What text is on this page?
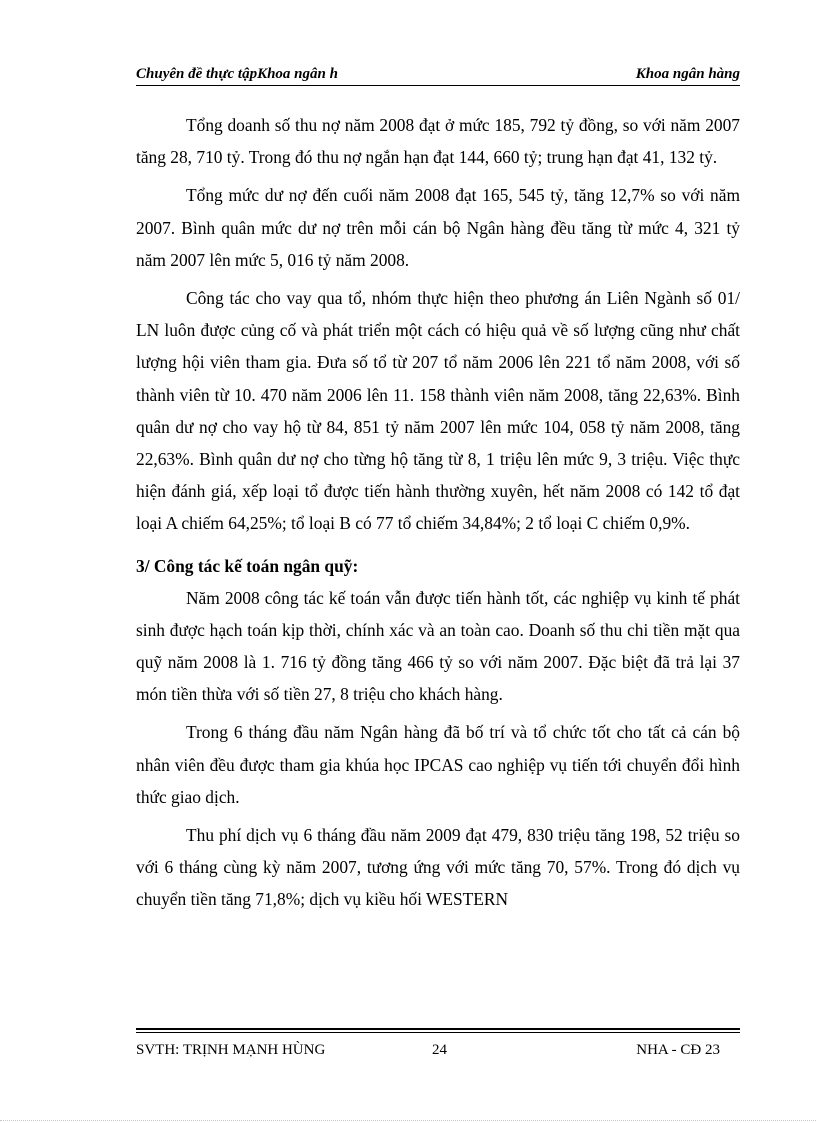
Chuyên đề thực tậpKhoa ngân h	Khoa ngân hàng

Tổng doanh số thu nợ năm 2008 đạt ở mức 185, 792 tỷ đồng, so với năm 2007 tăng 28, 710 tỷ. Trong đó thu nợ ngắn hạn đạt 144, 660 tỷ; trung hạn đạt 41, 132 tỷ.

Tổng mức dư nợ đến cuối năm 2008 đạt 165, 545 tỷ, tăng 12,7% so với năm 2007. Bình quân mức dư nợ trên mỗi cán bộ Ngân hàng đều tăng từ mức 4, 321 tỷ năm 2007 lên mức 5, 016 tỷ năm 2008.

Công tác cho vay qua tổ, nhóm thực hiện theo phương án Liên Ngành số 01/ LN luôn được củng cố và phát triển một cách có hiệu quả về số lượng cũng như chất lượng hội viên tham gia. Đưa số tổ từ 207 tổ năm 2006 lên 221 tổ năm 2008, với số thành viên từ 10. 470 năm 2006 lên 11. 158 thành viên năm 2008, tăng 22,63%. Bình quân dư nợ cho vay hộ từ 84, 851 tỷ năm 2007 lên mức 104, 058 tỷ năm 2008, tăng 22,63%. Bình quân dư nợ cho từng hộ tăng từ 8, 1 triệu lên mức 9, 3 triệu. Việc thực hiện đánh giá, xếp loại tổ được tiến hành thường xuyên, hết năm 2008 có 142 tổ đạt loại A chiếm 64,25%; tổ loại B có 77 tổ chiếm 34,84%; 2 tổ loại C chiếm 0,9%.

3/ Công tác kế toán ngân quỹ:

Năm 2008 công tác kế toán vẫn được tiến hành tốt, các nghiệp vụ kinh tế phát sinh được hạch toán kịp thời, chính xác và an toàn cao. Doanh số thu chi tiền mặt qua quỹ năm 2008 là 1. 716 tỷ đồng tăng 466 tỷ so với năm 2007. Đặc biệt đã trả lại 37 món tiền thừa với số tiền 27, 8 triệu cho khách hàng.

Trong 6 tháng đầu năm Ngân hàng đã bố trí và tổ chức tốt cho tất cả cán bộ nhân viên đều được tham gia khúa học IPCAS cao nghiệp vụ tiến tới chuyển đổi hình thức giao dịch.

Thu phí dịch vụ 6 tháng đầu năm 2009 đạt 479, 830 triệu tăng 198, 52 triệu so với 6 tháng cùng kỳ năm 2007, tương ứng với mức tăng 70, 57%. Trong đó dịch vụ chuyển tiền tăng 71,8%; dịch vụ kiều hối WESTERN

SVTH: TRỊNH MẠNH HÙNG	24	NHA - CĐ 23
